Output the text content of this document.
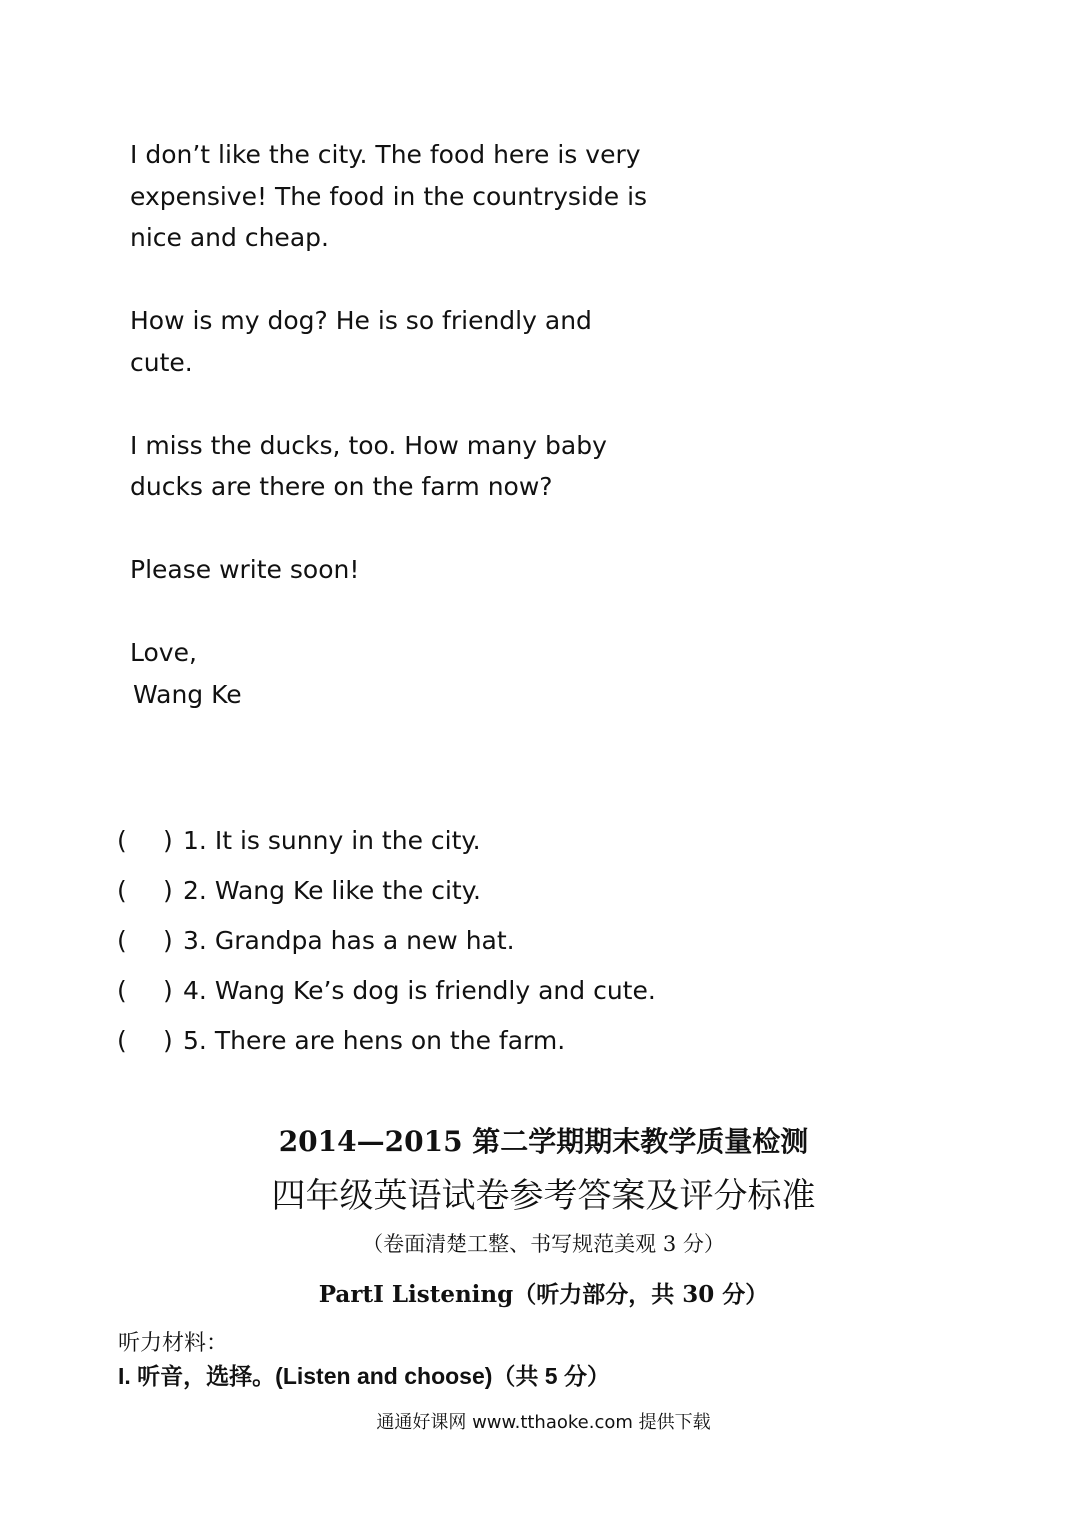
I don’t like the city. The food here is very

expensive! The food in the countryside is

nice and cheap.

How is my dog? He is so friendly and

cute.

I miss the ducks, too. How many baby

ducks are there on the farm now?

Please write soon!

Love,

Wang Ke

(	) 1. It is sunny in the city.
(	) 2. Wang Ke like the city.
(	) 3. Grandpa has a new hat.
(	) 4. Wang Ke’s dog is friendly and cute.
(	) 5. There are hens on the farm.
2014—2015 第二学期期末教学质量检测
四年级英语试卷参考答案及评分标准
（卷面清楚工整、书写规范美观 3 分）
PartⅠ Listening（听力部分，共 30 分）
听力材料：
I. 听音，选择。(Listen and choose)（共 5 分）
通通好课网 www.tthaoke.com 提供下载
